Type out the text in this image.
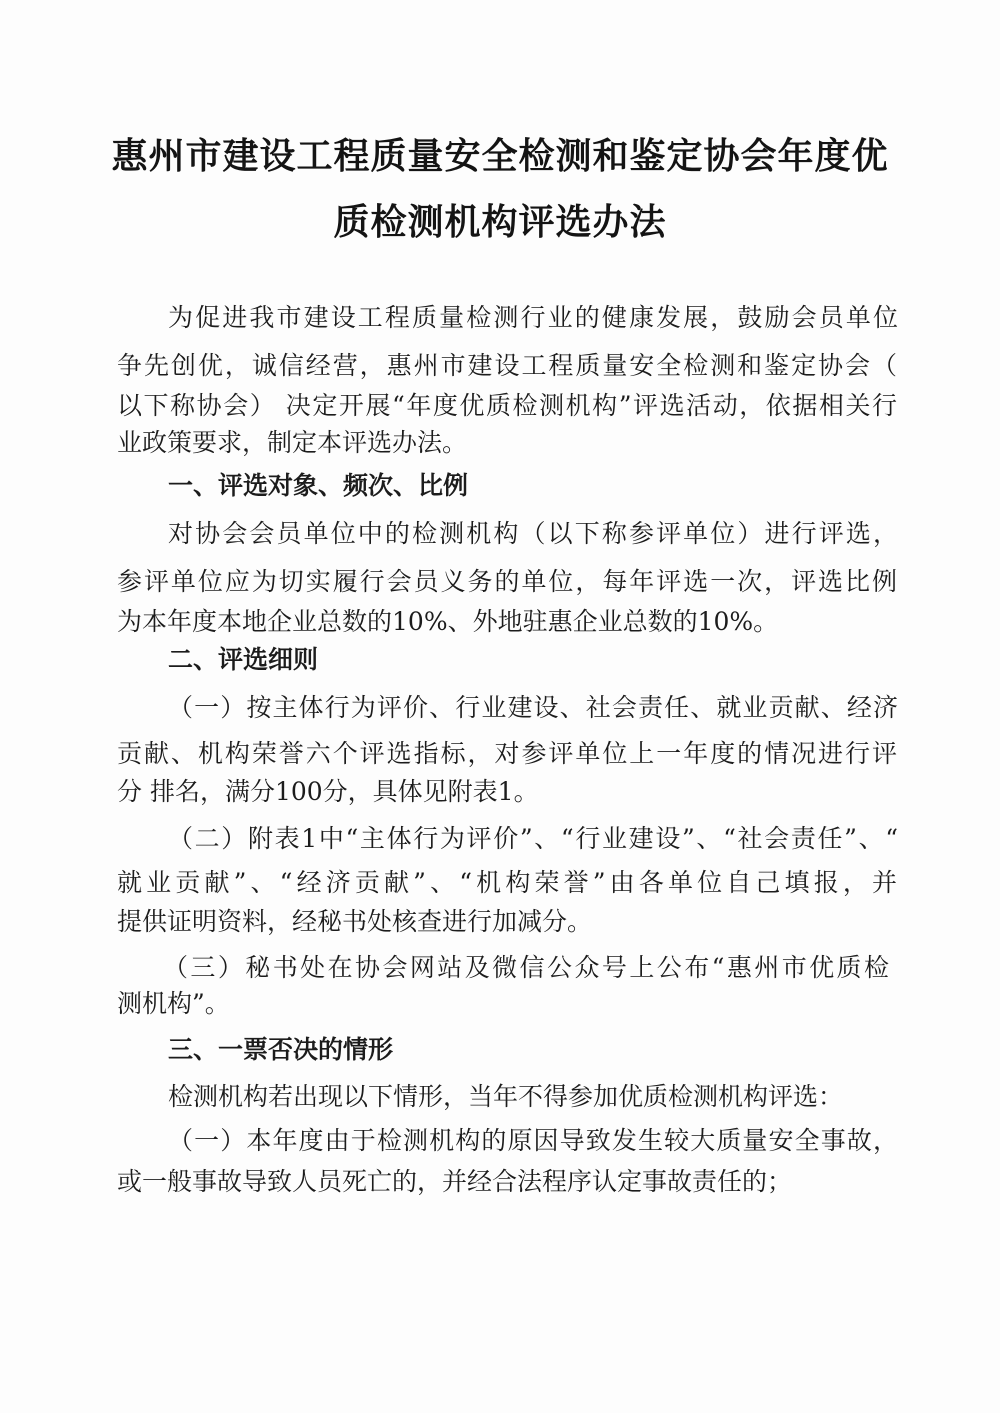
惠州市建设工程质量安全检测和鉴定协会年度优
质检测机构评选办法
为促进我市建设工程质量检测行业的健康发展，鼓励会员单位
争先创优，诚信经营，惠州市建设工程质量安全检测和鉴定协会（
以下称协会） 决定开展“年度优质检测机构”评选活动，依据相关行
业政策要求，制定本评选办法。
一、评选对象、频次、比例
对协会会员单位中的检测机构（以下称参评单位）进行评选，
参评单位应为切实履行会员义务的单位，每年评选一次，评选比例
为本年度本地企业总数的10%、外地驻惠企业总数的10%。
二、评选细则
（一）按主体行为评价、行业建设、社会责任、就业贡献、经济
贡献、机构荣誉六个评选指标，对参评单位上一年度的情况进行评
分 排名，满分100分，具体见附表1。
（二）附表1中“主体行为评价”、“行业建设”、“社会责任”、“
就业贡献”、“经济贡献”、“机构荣誉”由各单位自己填报，并
提供证明资料，经秘书处核查进行加减分。
（三）秘书处在协会网站及微信公众号上公布“惠州市优质检
测机构”。
三、一票否决的情形
检测机构若出现以下情形，当年不得参加优质检测机构评选：
（一）本年度由于检测机构的原因导致发生较大质量安全事故，
或一般事故导致人员死亡的，并经合法程序认定事故责任的；
